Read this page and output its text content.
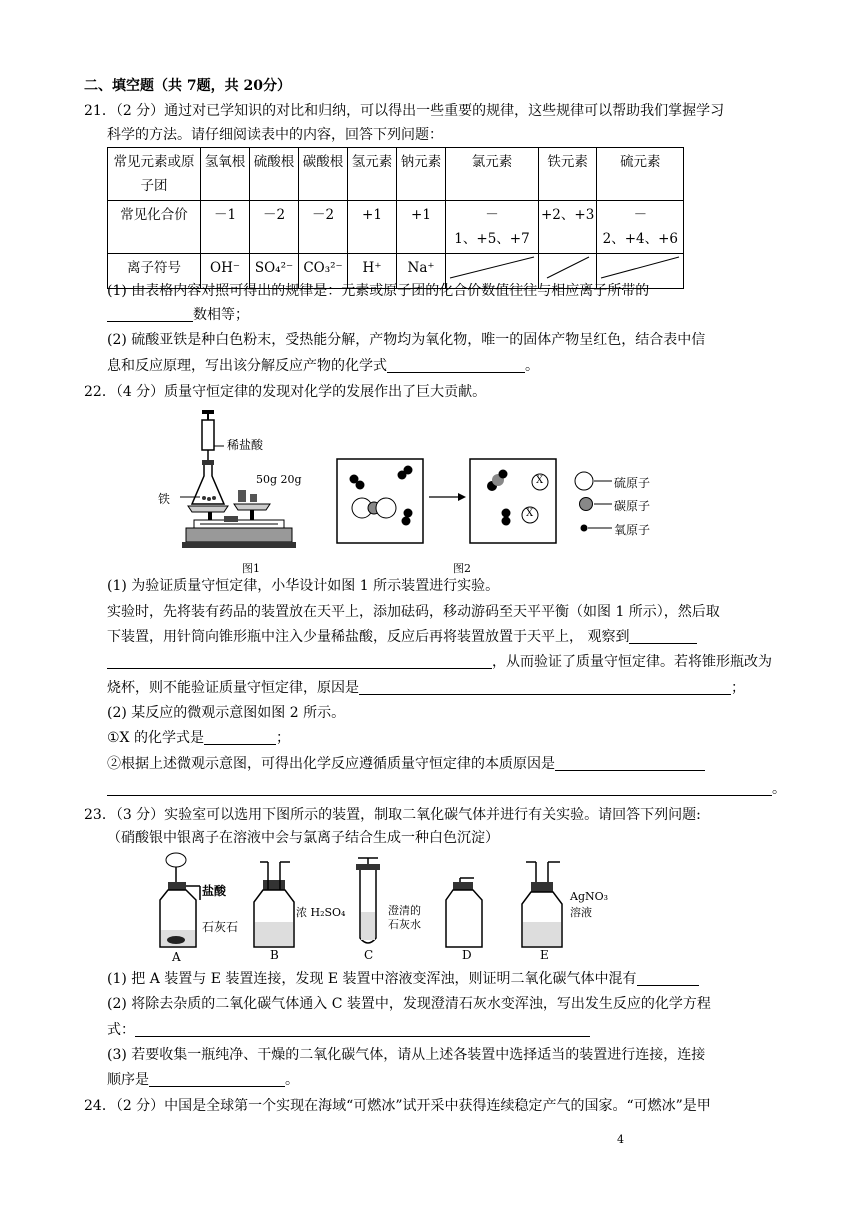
二、填空题（共 7题，共 20分）
21．（2 分）通过对已学知识的对比和归纳，可以得出一些重要的规律，这些规律可以帮助我们掌握学习
科学的方法。请仔细阅读表中的内容，回答下列问题：
常见元素或原子团	氢氧根	硫酸根	碳酸根	氢元素	钠元素	氯元素	铁元素	硫元素
常见化合价	－1	－2	－2	+1	+1	－1、+5、+7	+2、+3	－2、+4、+6
离子符号	OH⁻	SO₄²⁻	CO₃²⁻	H⁺	Na⁺			
(1) 由表格内容对照可得出的规律是：元素或原子团的化合价数值往往与相应离子所带的
数相等；
(2) 硫酸亚铁是种白色粉末，受热能分解，产物均为氧化物，唯一的固体产物呈红色，结合表中信
息和反应原理，写出该分解反应产物的化学式	。
22．（4 分）质量守恒定律的发现对化学的发展作出了巨大贡献。
稀盐酸
铁
50g 20g
图1
X
X
硫原子
碳原子
氧原子
图2
(1) 为验证质量守恒定律，小华设计如图 1 所示装置进行实验。
实验时，先将装有药品的装置放在天平上，添加砝码，移动游码至天平平衡（如图 1 所示），然后取
下装置，用针筒向锥形瓶中注入少量稀盐酸，反应后再将装置放置于天平上， 观察到
，从而验证了质量守恒定律。若将锥形瓶改为
烧杯，则不能验证质量守恒定律，原因是	；
(2) 某反应的微观示意图如图 2 所示。
①X 的化学式是	；
②根据上述微观示意图，可得出化学反应遵循质量守恒定律的本质原因是
。
23．（3 分）实验室可以选用下图所示的装置，制取二氧化碳气体并进行有关实验。请回答下列问题:
（硝酸银中银离子在溶液中会与氯离子结合生成一种白色沉淀）
盐酸
石灰石
浓 H₂SO₄	澄清的
石灰水
AgNO₃
溶液
A	B	C	D	E
(1) 把 A 装置与 E 装置连接，发现 E 装置中溶液变浑浊，则证明二氧化碳气体中混有
(2) 将除去杂质的二氧化碳气体通入 C 装置中，发现澄清石灰水变浑浊，写出发生反应的化学方程
式：
(3) 若要收集一瓶纯净、干燥的二氧化碳气体，请从上述各装置中选择适当的装置进行连接，连接
顺序是	。
24．（2 分）中国是全球第一个实现在海域“可燃冰”试开采中获得连续稳定产气的国家。“可燃冰”是甲
4
